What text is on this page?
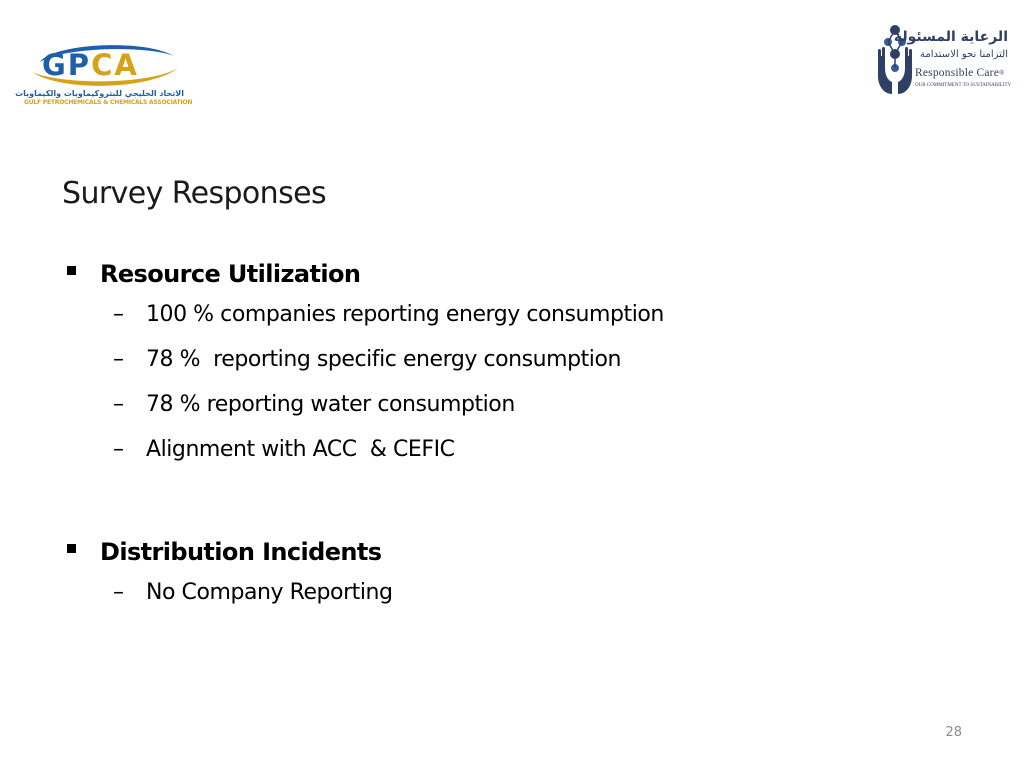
GPCA
الاتحاد الخليجي للبتروكيماويات والكيماويات
GULF PETROCHEMICALS & CHEMICALS ASSOCIATION
الرعاية المسئولة
التزامنا نحو الاستدامة
Responsible Care®
OUR COMMITMENT TO SUSTAINABILITY
Survey Responses
Resource Utilization
– 100 % companies reporting energy consumption
– 78 %  reporting specific energy consumption
– 78 % reporting water consumption
– Alignment with ACC  & CEFIC
Distribution Incidents
– No Company Reporting
28
